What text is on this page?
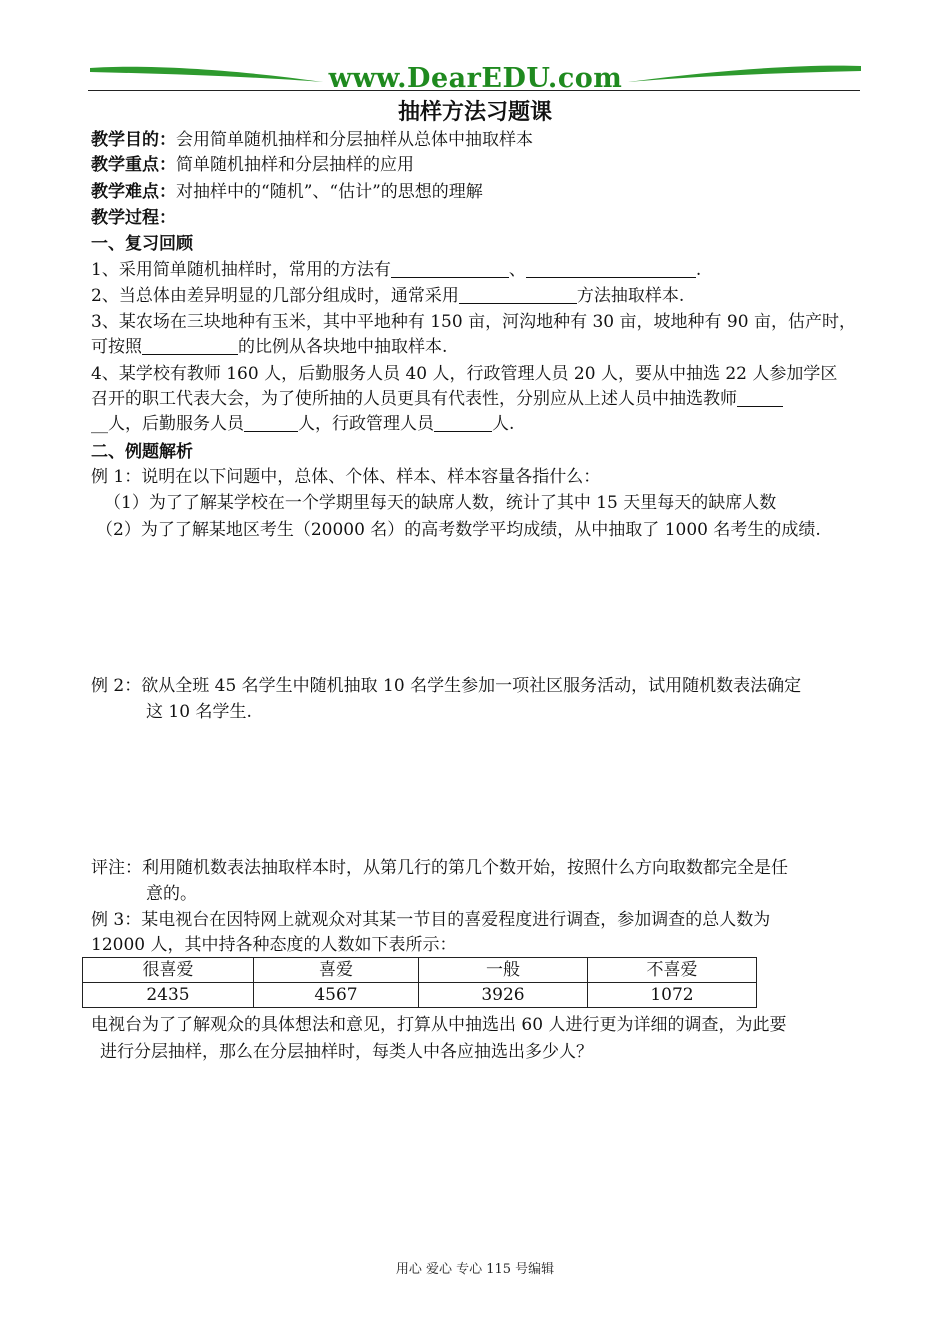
www.DearEDU.com
抽样方法习题课
教学目的：会用简单随机抽样和分层抽样从总体中抽取样本
教学重点：简单随机抽样和分层抽样的应用
教学难点：对抽样中的“随机”、“估计”的思想的理解
教学过程：
一、复习回顾
1、采用简单随机抽样时，常用的方法有	、	.
2、当总体由差异明显的几部分组成时，通常采用	方法抽取样本.
3、某农场在三块地种有玉米，其中平地种有 150 亩，河沟地种有 30 亩，坡地种有 90 亩，估产时，
可按照	的比例从各块地中抽取样本.
4、某学校有教师 160 人，后勤服务人员 40 人，行政管理人员 20 人，要从中抽选 22 人参加学区
召开的职工代表大会，为了使所抽的人员更具有代表性，分别应从上述人员中抽选教师
__人，后勤服务人员	人，行政管理人员	人.
二、例题解析
例 1：说明在以下问题中，总体、个体、样本、样本容量各指什么：
（1）为了了解某学校在一个学期里每天的缺席人数，统计了其中 15 天里每天的缺席人数
（2）为了了解某地区考生（20000 名）的高考数学平均成绩，从中抽取了 1000 名考生的成绩.
例 2：欲从全班 45 名学生中随机抽取 10 名学生参加一项社区服务活动，试用随机数表法确定
这 10 名学生.
评注：利用随机数表法抽取样本时，从第几行的第几个数开始，按照什么方向取数都完全是任
意的。
例 3：某电视台在因特网上就观众对其某一节目的喜爱程度进行调查，参加调查的总人数为
12000 人，其中持各种态度的人数如下表所示：
很喜爱	喜爱	一般	不喜爱
2435	4567	3926	1072
电视台为了了解观众的具体想法和意见，打算从中抽选出 60 人进行更为详细的调查，为此要
进行分层抽样，那么在分层抽样时，每类人中各应抽选出多少人？
用心 爱心 专心 115 号编辑
